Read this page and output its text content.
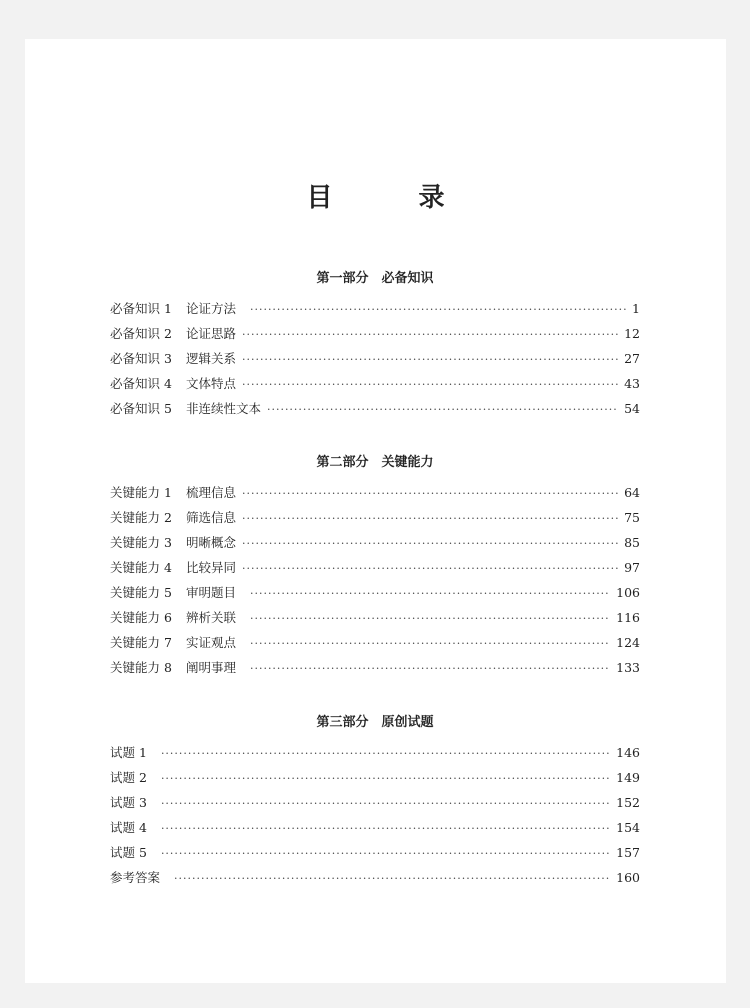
目　录
第一部分　必备知识
必备知识 1 论证方法 ·····	1
必备知识 2 论证思路 ·····	12
必备知识 3 逻辑关系 ·····	27
必备知识 4 文体特点 ·····	43
必备知识 5 非连续性文本 ·····	54
第二部分　关键能力
关键能力 1 梳理信息 ·····	64
关键能力 2 筛选信息 ·····	75
关键能力 3 明晰概念 ·····	85
关键能力 4 比较异同 ·····	97
关键能力 5 审明题目 ·····	106
关键能力 6 辨析关联 ·····	116
关键能力 7 实证观点 ·····	124
关键能力 8 阐明事理 ·····	133
第三部分　原创试题
试题 1 ·····	146
试题 2 ·····	149
试题 3 ·····	152
试题 4 ·····	154
试题 5 ·····	157
参考答案 ·····	160
